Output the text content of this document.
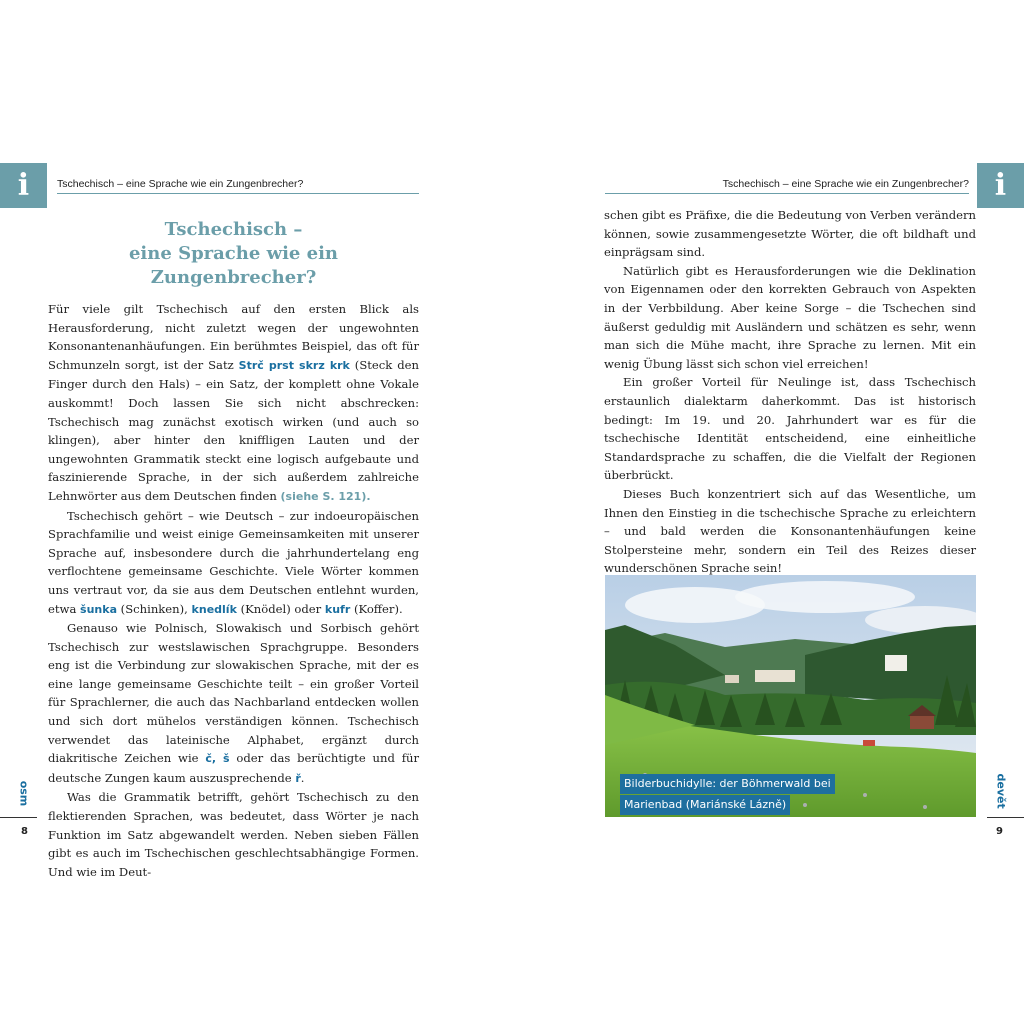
i	Tschechisch – eine Sprache wie ein Zungenbrecher?	Tschechisch – eine Sprache wie ein Zungenbrecher? i
Tschechisch –
eine Sprache wie ein Zungenbrecher?

Für viele gilt Tschechisch auf den ersten Blick als Herausforderung, nicht zuletzt wegen der ungewohnten Konsonantenanhäufungen. Ein berühmtes Beispiel, das oft für Schmunzeln sorgt, ist der Satz Strč prst skrz krk (Steck den Finger durch den Hals) – ein Satz, der komplett ohne Vokale auskommt! Doch lassen Sie sich nicht abschrecken: Tschechisch mag zunächst exotisch wirken (und auch so klingen), aber hinter den kniffligen Lauten und der ungewohnten Grammatik steckt eine logisch aufgebaute und faszinierende Sprache, in der sich außerdem zahlreiche Lehnwörter aus dem Deutschen finden (siehe S. 121).

Tschechisch gehört – wie Deutsch – zur indoeuropäischen Sprachfamilie und weist einige Gemeinsamkeiten mit unserer Sprache auf, insbesondere durch die jahrhundertelang eng verflochtene gemeinsame Geschichte. Viele Wörter kommen uns vertraut vor, da sie aus dem Deutschen entlehnt wurden, etwa šunka (Schinken), knedlík (Knödel) oder kufr (Koffer).

Genauso wie Polnisch, Slowakisch und Sorbisch gehört Tschechisch zur westslawischen Sprachgruppe. Besonders eng ist die Verbindung zur slowakischen Sprache, mit der es eine lange gemeinsame Geschichte teilt – ein großer Vorteil für Sprachlerner, die auch das Nachbarland entdecken wollen und sich dort mühelos verständigen können. Tschechisch verwendet das lateinische Alphabet, ergänzt durch diakritische Zeichen wie č, š oder das berüchtigte und für deutsche Zungen kaum auszusprechende ř.

Was die Grammatik betrifft, gehört Tschechisch zu den flektierenden Sprachen, was bedeutet, dass Wörter je nach Funktion im Satz abgewandelt werden. Neben sieben Fällen gibt es auch im Tschechischen geschlechtsabhängige Formen. Und wie im Deut-

schen gibt es Präfixe, die die Bedeutung von Verben verändern können, sowie zusammengesetzte Wörter, die oft bildhaft und einprägsam sind.

Natürlich gibt es Herausforderungen wie die Deklination von Eigennamen oder den korrekten Gebrauch von Aspekten in der Verbbildung. Aber keine Sorge – die Tschechen sind äußerst geduldig mit Ausländern und schätzen es sehr, wenn man sich die Mühe macht, ihre Sprache zu lernen. Mit ein wenig Übung lässt sich schon viel erreichen!

Ein großer Vorteil für Neulinge ist, dass Tschechisch erstaunlich dialektarm daherkommt. Das ist historisch bedingt: Im 19. und 20. Jahrhundert war es für die tschechische Identität entscheidend, eine einheitliche Standardsprache zu schaffen, die die Vielfalt der Regionen überbrückt.

Dieses Buch konzentriert sich auf das Wesentliche, um Ihnen den Einstieg in die tschechische Sprache zu erleichtern – und bald werden die Konsonantenhäufungen keine Stolpersteine mehr, sondern ein Teil des Reizes dieser wunderschönen Sprache sein!

Bilderbuchidylle: der Böhmerwald bei
Marienbad (Mariánské Lázně)
osm
8
devět
9
